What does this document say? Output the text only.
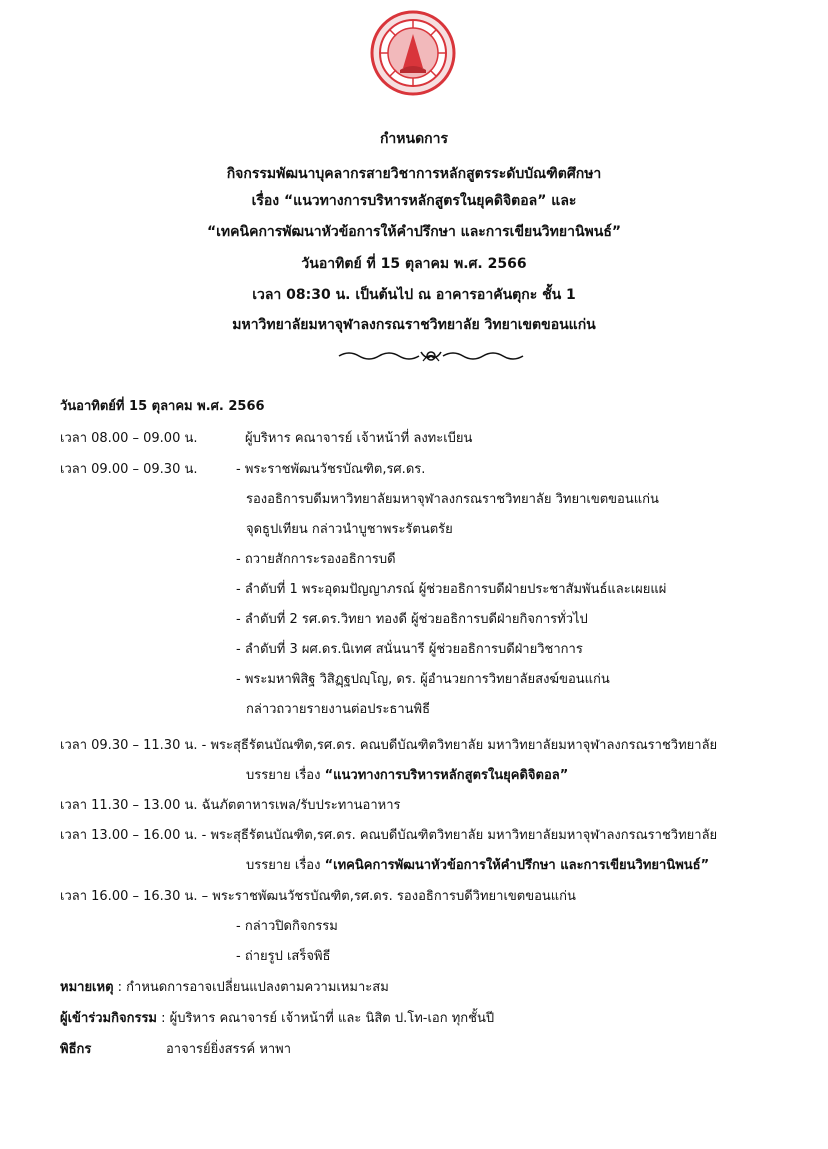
กำหนดการ
กิจกรรมพัฒนาบุคลากรสายวิชาการหลักสูตรระดับบัณฑิตศึกษา
เรื่อง “แนวทางการบริหารหลักสูตรในยุคดิจิตอล” และ
“เทคนิคการพัฒนาหัวข้อการให้คำปรึกษา และการเขียนวิทยานิพนธ์”
วันอาทิตย์ ที่ 15 ตุลาคม พ.ศ. 2566
เวลา 08:30 น. เป็นต้นไป ณ อาคารอาคันตุกะ ชั้น 1
มหาวิทยาลัยมหาจุฬาลงกรณราชวิทยาลัย วิทยาเขตขอนแก่น
วันอาทิตย์ที่ 15 ตุลาคม พ.ศ. 2566
เวลา 08.00 – 09.00 น.	ผู้บริหาร คณาจารย์ เจ้าหน้าที่ ลงทะเบียน
เวลา 09.00 – 09.30 น.	- พระราชพัฒนวัชรบัณฑิต,รศ.ดร.
รองอธิการบดีมหาวิทยาลัยมหาจุฬาลงกรณราชวิทยาลัย วิทยาเขตขอนแก่น
จุดธูปเทียน กล่าวนำบูชาพระรัตนตรัย
- ถวายสักการะรองอธิการบดี
- ลำดับที่ 1 พระอุดมปัญญาภรณ์ ผู้ช่วยอธิการบดีฝ่ายประชาสัมพันธ์และเผยแผ่
- ลำดับที่ 2 รศ.ดร.วิทยา ทองดี ผู้ช่วยอธิการบดีฝ่ายกิจการทั่วไป
- ลำดับที่ 3 ผศ.ดร.นิเทศ สนั่นนารี ผู้ช่วยอธิการบดีฝ่ายวิชาการ
- พระมหาพิสิฐ วิสิฏฺฐปญฺโญ, ดร. ผู้อำนวยการวิทยาลัยสงฆ์ขอนแก่น
กล่าวถวายรายงานต่อประธานพิธี
เวลา 09.30 – 11.30 น. - พระสุธีรัตนบัณฑิต,รศ.ดร. คณบดีบัณฑิตวิทยาลัย มหาวิทยาลัยมหาจุฬาลงกรณราชวิทยาลัย
บรรยาย เรื่อง “แนวทางการบริหารหลักสูตรในยุคดิจิตอล”
เวลา 11.30 – 13.00 น. ฉันภัตตาหารเพล/รับประทานอาหาร
เวลา 13.00 – 16.00 น. - พระสุธีรัตนบัณฑิต,รศ.ดร. คณบดีบัณฑิตวิทยาลัย มหาวิทยาลัยมหาจุฬาลงกรณราชวิทยาลัย
บรรยาย เรื่อง “เทคนิคการพัฒนาหัวข้อการให้คำปรึกษา และการเขียนวิทยานิพนธ์”
เวลา 16.00 – 16.30 น. – พระราชพัฒนวัชรบัณฑิต,รศ.ดร. รองอธิการบดีวิทยาเขตขอนแก่น
- กล่าวปิดกิจกรรม
- ถ่ายรูป เสร็จพิธี
หมายเหตุ : กำหนดการอาจเปลี่ยนแปลงตามความเหมาะสม
ผู้เข้าร่วมกิจกรรม : ผู้บริหาร คณาจารย์ เจ้าหน้าที่ และ นิสิต ป.โท-เอก ทุกชั้นปี
พิธีกร	อาจารย์ยิ่งสรรค์ หาพา
